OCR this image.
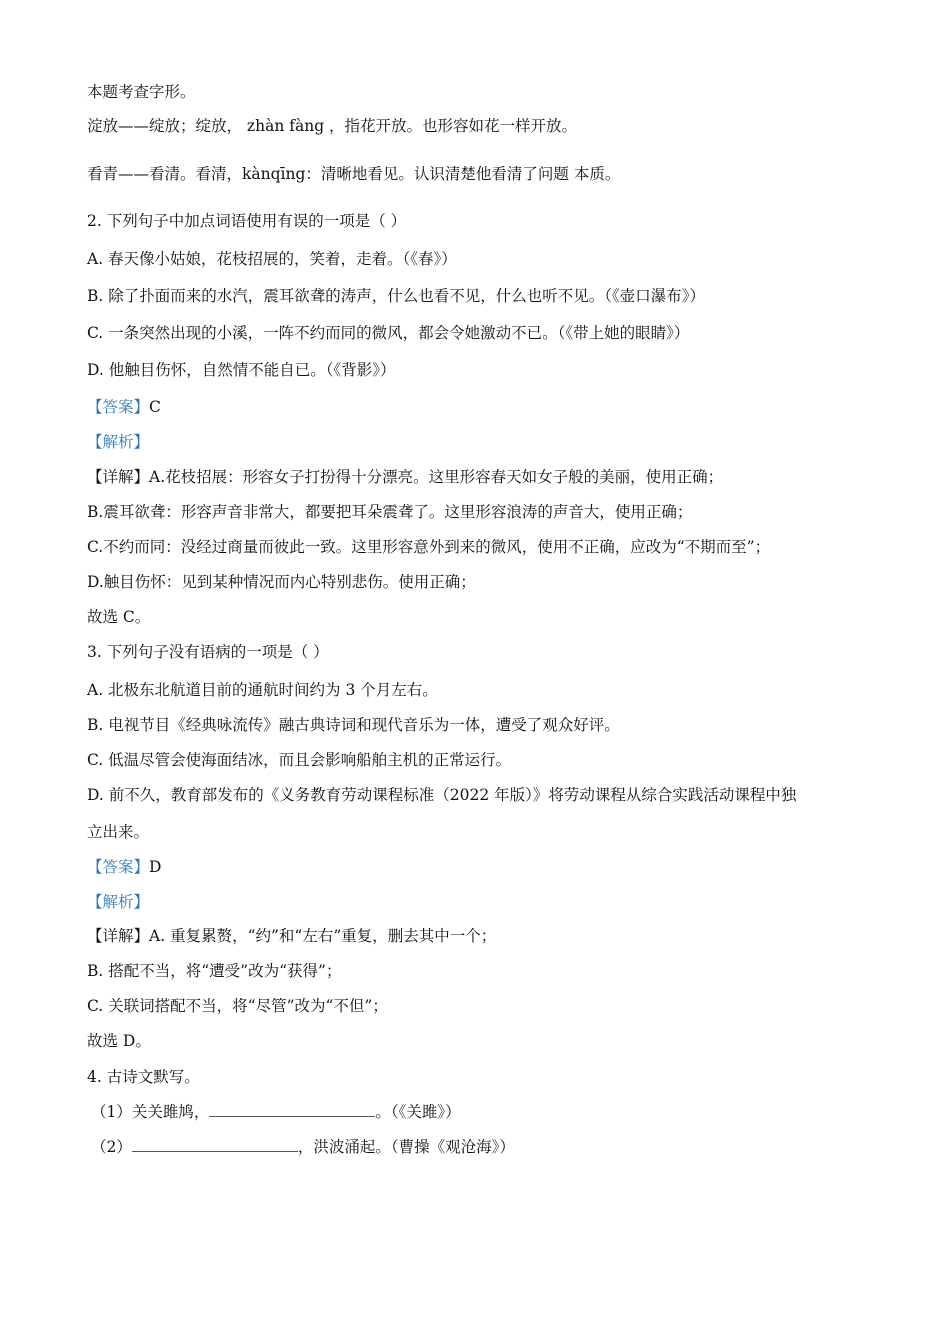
本题考查字形。
淀放——绽放；绽放， zhàn fàng ，指花开放。也形容如花一样开放。
看青——看清。看清，kànqīng：清晰地看见。认识清楚他看清了问题 本质。
2. 下列句子中加点词语使用有误的一项是（ ）
A. 春天像小姑娘，花枝招展的，笑着，走着。（《春》）
B. 除了扑面而来的水汽，震耳欲聋的涛声，什么也看不见，什么也听不见。（《壶口瀑布》）
C. 一条突然出现的小溪，一阵不约而同的微风，都会令她激动不已。（《带上她的眼睛》）
D. 他触目伤怀，自然情不能自已。（《背影》）
【答案】C
【解析】
【详解】A.花枝招展：形容女子打扮得十分漂亮。这里形容春天如女子般的美丽，使用正确；
B.震耳欲聋：形容声音非常大，都要把耳朵震聋了。这里形容浪涛的声音大，使用正确；
C.不约而同：没经过商量而彼此一致。这里形容意外到来的微风，使用不正确，应改为“不期而至”；
D.触目伤怀：见到某种情况而内心特别悲伤。使用正确；
故选 C。
3. 下列句子没有语病的一项是（ ）
A. 北极东北航道目前的通航时间约为 3 个月左右。
B. 电视节目《经典咏流传》融古典诗词和现代音乐为一体，遭受了观众好评。
C. 低温尽管会使海面结冰，而且会影响船舶主机的正常运行。
D. 前不久，教育部发布的《义务教育劳动课程标准（2022 年版）》将劳动课程从综合实践活动课程中独
立出来。
【答案】D
【解析】
【详解】A. 重复累赘，“约”和“左右”重复，删去其中一个；
B. 搭配不当，将“遭受”改为“获得”；
C. 关联词搭配不当，将“尽管”改为“不但”；
故选 D。
4. 古诗文默写。
（1）关关雎鸠，	。（《关雎》）
（2）	，洪波涌起。（曹操《观沧海》）
